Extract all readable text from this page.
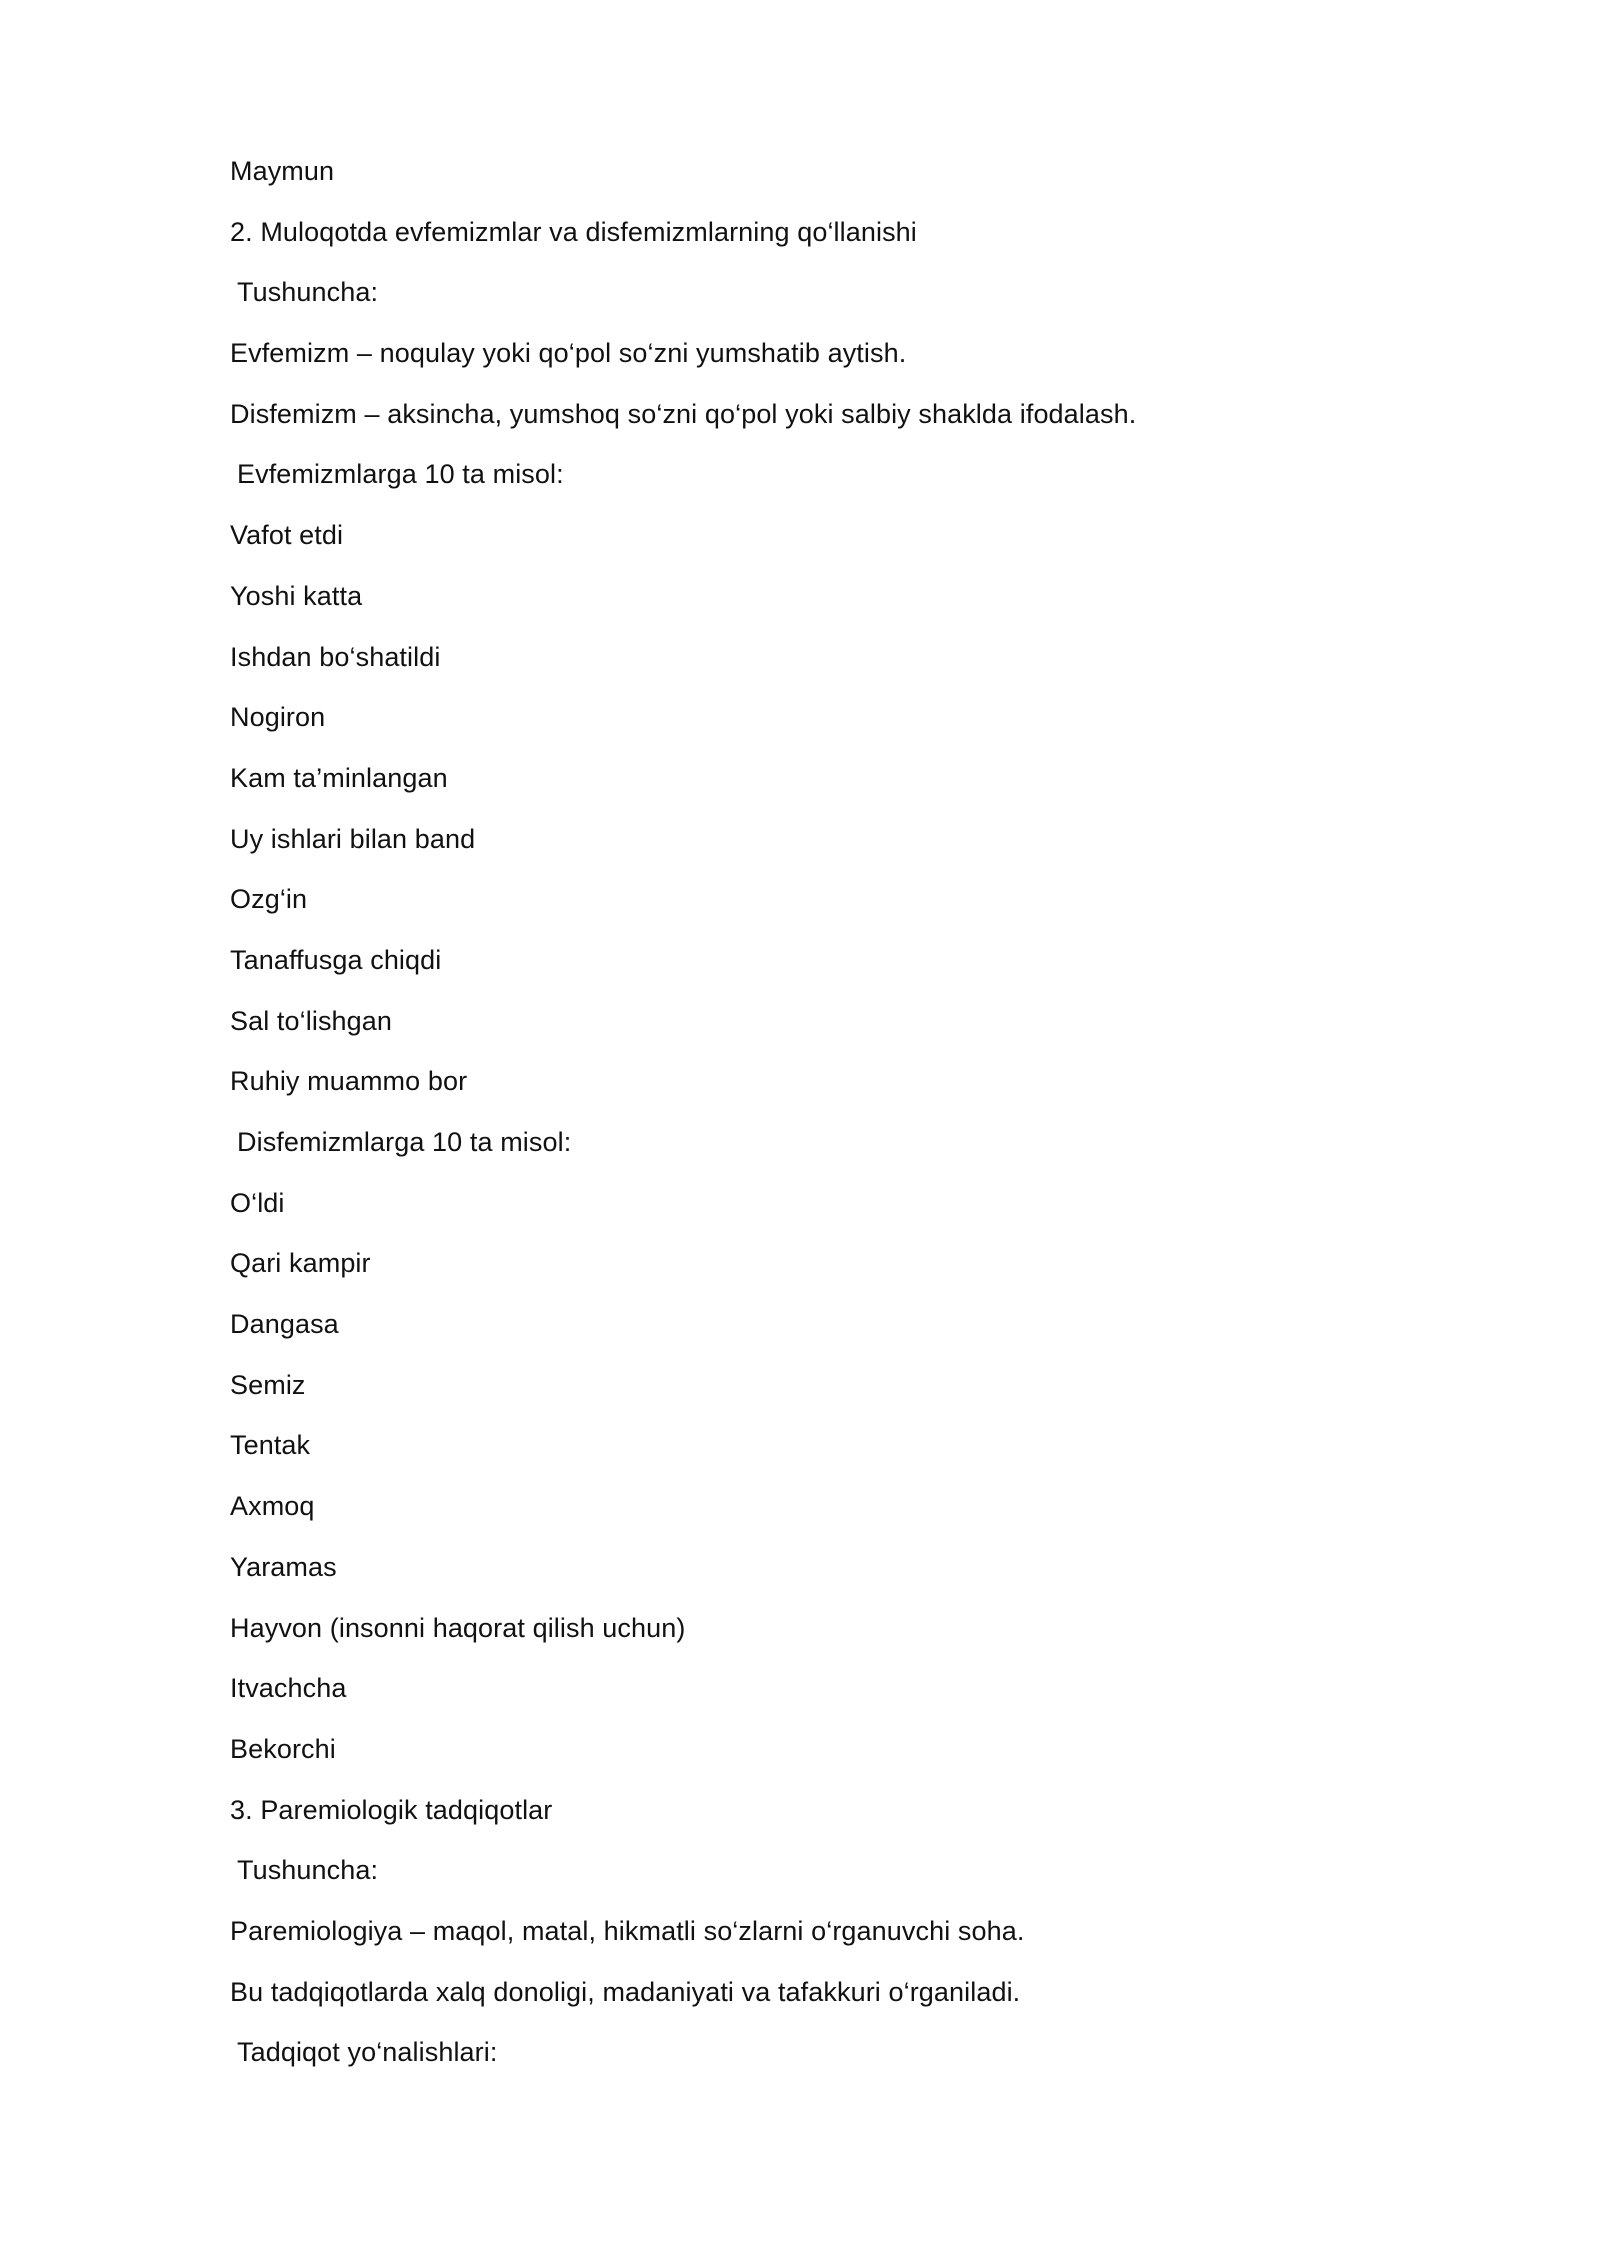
Maymun
2. Muloqotda evfemizmlar va disfemizmlarning qo‘llanishi
Tushuncha:
Evfemizm – noqulay yoki qo‘pol so‘zni yumshatib aytish.
Disfemizm – aksincha, yumshoq so‘zni qo‘pol yoki salbiy shaklda ifodalash.
Evfemizmlarga 10 ta misol:
Vafot etdi
Yoshi katta
Ishdan bo‘shatildi
Nogiron
Kam ta’minlangan
Uy ishlari bilan band
Ozg‘in
Tanaffusga chiqdi
Sal to‘lishgan
Ruhiy muammo bor
Disfemizmlarga 10 ta misol:
O‘ldi
Qari kampir
Dangasa
Semiz
Tentak
Axmoq
Yaramas
Hayvon (insonni haqorat qilish uchun)
Itvachcha
Bekorchi
3. Paremiologik tadqiqotlar
Tushuncha:
Paremiologiya – maqol, matal, hikmatli so‘zlarni o‘rganuvchi soha.
Bu tadqiqotlarda xalq donoligi, madaniyati va tafakkuri o‘rganiladi.
Tadqiqot yo‘nalishlari:
